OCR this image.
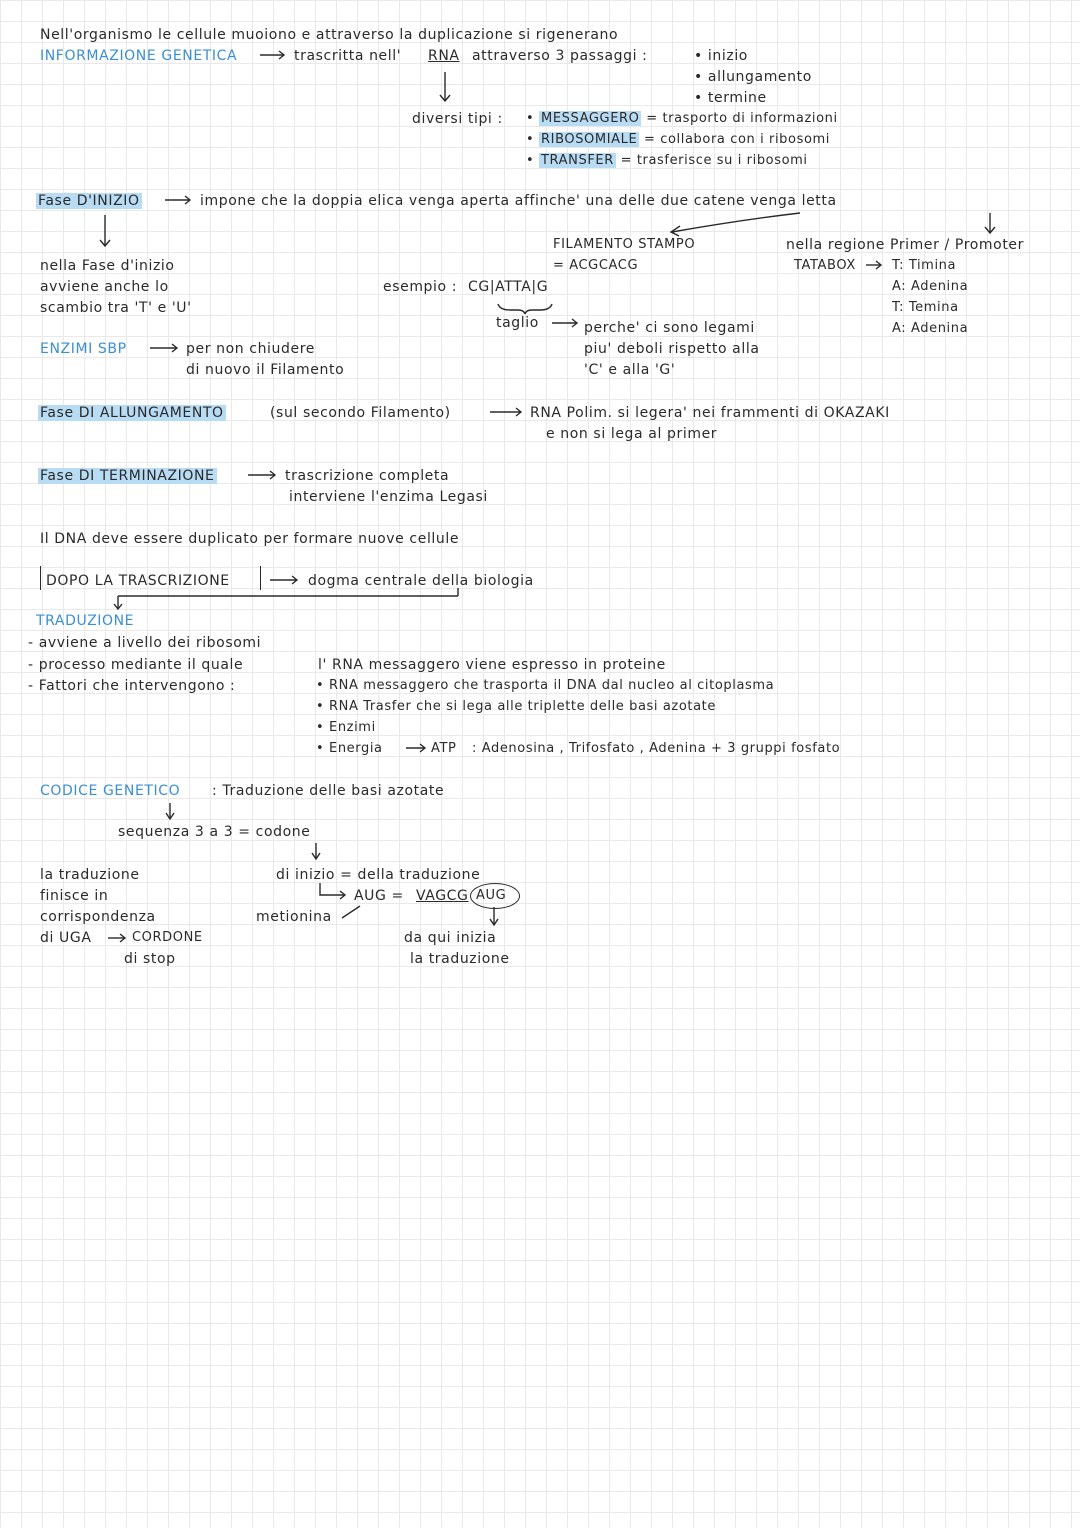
Nell'organismo le cellule muoiono e attraverso la duplicazione si rigenerano
INFORMAZIONE GENETICA	trascritta nell' RNA attraverso 3 passaggi :	• inizio
• allungamento
• termine
diversi tipi : • MESSAGGERO = trasporto di informazioni
• RIBOSOMIALE = collabora con i ribosomi
• TRANSFER = trasferisce su i ribosomi
Fase D'INIZIO	impone che la doppia elica venga aperta affinche' una delle due catene venga letta
nella Fase d'inizio
avviene anche lo
scambio tra 'T' e 'U'
FILAMENTO STAMPO
= ACGCACG
esempio : CG|ATTA|G
taglio	perche' ci sono legami
piu' deboli rispetto alla
'C' e alla 'G'
nella regione Primer / Promoter
TATABOX	T: Timina
A: Adenina
T: Temina
A: Adenina
ENZIMI SBP	per non chiudere
di nuovo il Filamento
Fase DI ALLUNGAMENTO	(sul secondo Filamento)	RNA Polim. si legera' nei frammenti di OKAZAKI
e non si lega al primer
Fase DI TERMINAZIONE	trascrizione completa
interviene l'enzima Legasi
Il DNA deve essere duplicato per formare nuove cellule
DOPO LA TRASCRIZIONE	dogma centrale della biologia
TRADUZIONE
- avviene a livello dei ribosomi
- processo mediante il quale
- Fattori che intervengono :
l' RNA messaggero viene espresso in proteine
• RNA messaggero che trasporta il DNA dal nucleo al citoplasma
• RNA Trasfer che si lega alle triplette delle basi azotate
• Enzimi
• Energia	ATP : Adenosina , Trifosfato , Adenina + 3 gruppi fosfato
CODICE GENETICO : Traduzione delle basi azotate
sequenza 3 a 3 = codone
di inizio = della traduzione
AUG = VAGCG AUG
metionina
da qui inizia
la traduzione
la traduzione
finisce in
corrispondenza
di UGA	CORDONE
di stop
